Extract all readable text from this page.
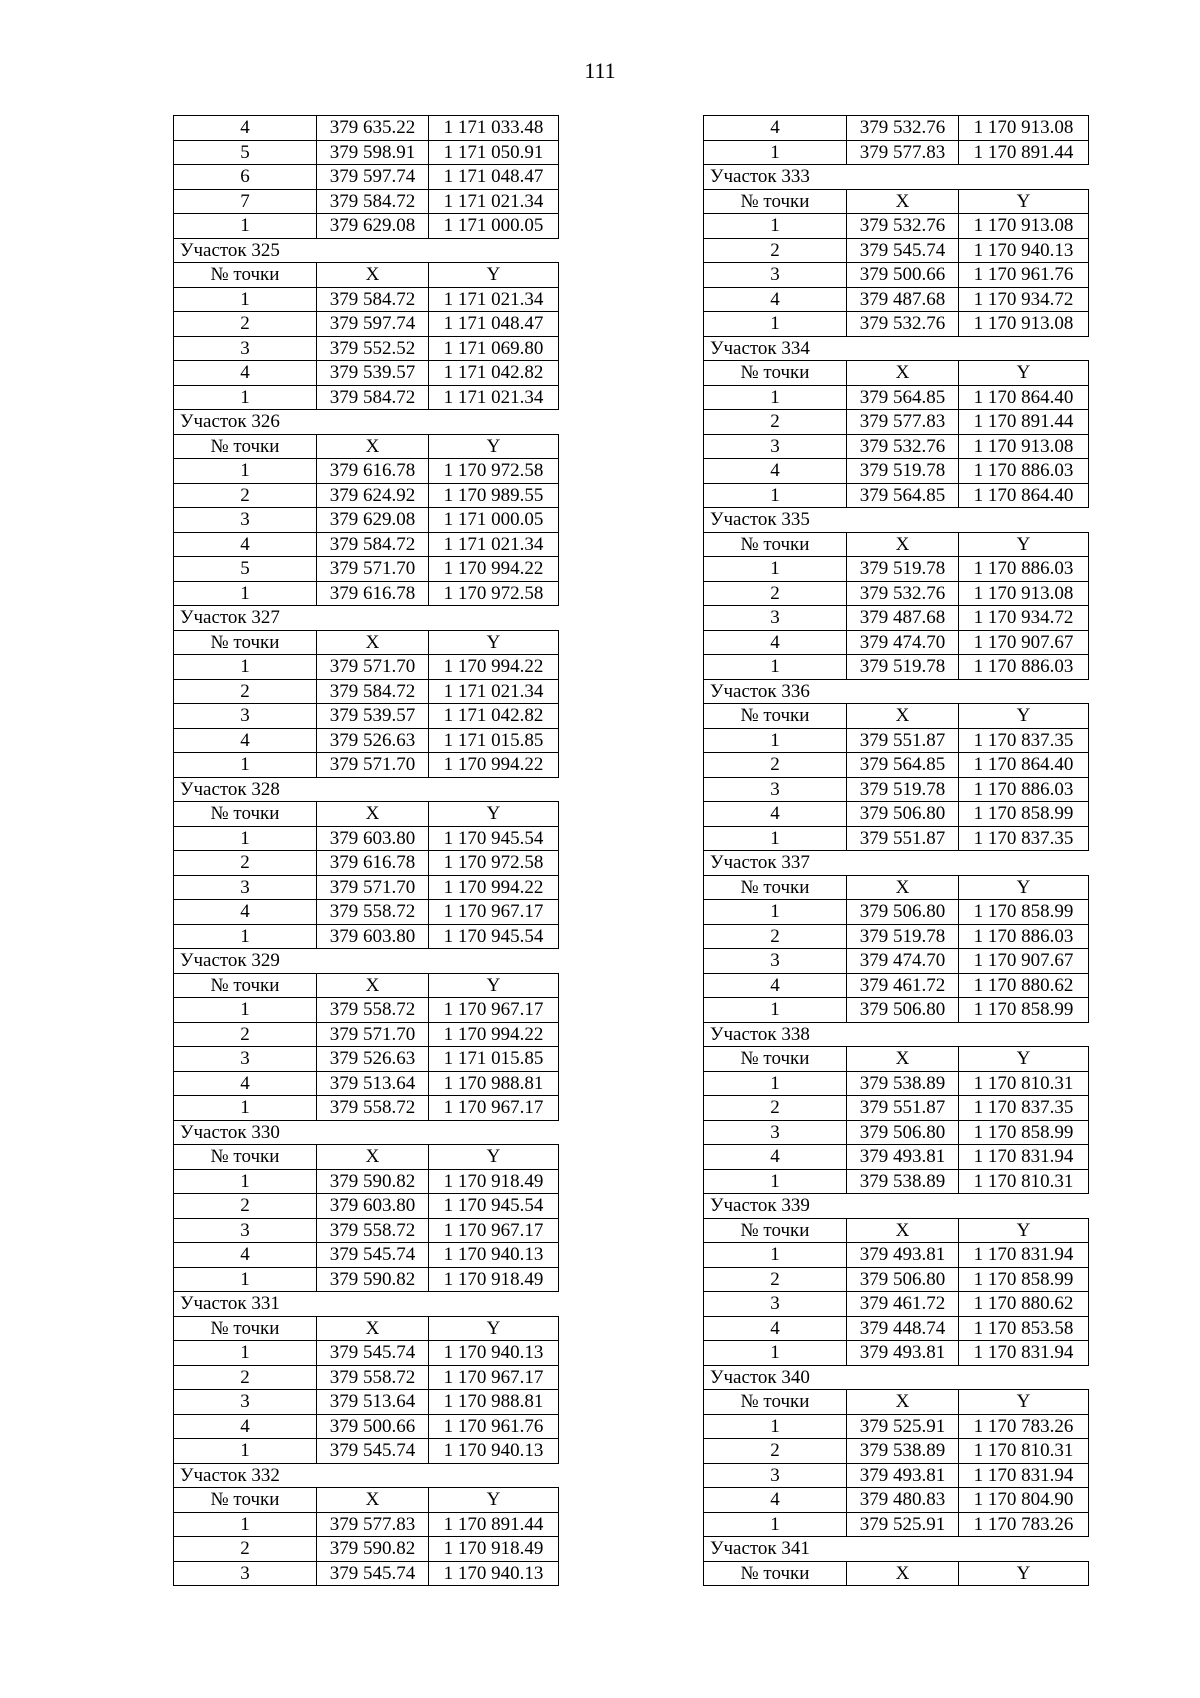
111
4	379 635.22	1 171 033.48
5	379 598.91	1 171 050.91
6	379 597.74	1 171 048.47
7	379 584.72	1 171 021.34
1	379 629.08	1 171 000.05
Участок 325		
№ точки	X	Y
1	379 584.72	1 171 021.34
2	379 597.74	1 171 048.47
3	379 552.52	1 171 069.80
4	379 539.57	1 171 042.82
1	379 584.72	1 171 021.34
Участок 326		
№ точки	X	Y
1	379 616.78	1 170 972.58
2	379 624.92	1 170 989.55
3	379 629.08	1 171 000.05
4	379 584.72	1 171 021.34
5	379 571.70	1 170 994.22
1	379 616.78	1 170 972.58
Участок 327		
№ точки	X	Y
1	379 571.70	1 170 994.22
2	379 584.72	1 171 021.34
3	379 539.57	1 171 042.82
4	379 526.63	1 171 015.85
1	379 571.70	1 170 994.22
Участок 328		
№ точки	X	Y
1	379 603.80	1 170 945.54
2	379 616.78	1 170 972.58
3	379 571.70	1 170 994.22
4	379 558.72	1 170 967.17
1	379 603.80	1 170 945.54
Участок 329		
№ точки	X	Y
1	379 558.72	1 170 967.17
2	379 571.70	1 170 994.22
3	379 526.63	1 171 015.85
4	379 513.64	1 170 988.81
1	379 558.72	1 170 967.17
Участок 330		
№ точки	X	Y
1	379 590.82	1 170 918.49
2	379 603.80	1 170 945.54
3	379 558.72	1 170 967.17
4	379 545.74	1 170 940.13
1	379 590.82	1 170 918.49
Участок 331		
№ точки	X	Y
1	379 545.74	1 170 940.13
2	379 558.72	1 170 967.17
3	379 513.64	1 170 988.81
4	379 500.66	1 170 961.76
1	379 545.74	1 170 940.13
Участок 332		
№ точки	X	Y
1	379 577.83	1 170 891.44
2	379 590.82	1 170 918.49
3	379 545.74	1 170 940.13
4	379 532.76	1 170 913.08
1	379 577.83	1 170 891.44
Участок 333		
№ точки	X	Y
1	379 532.76	1 170 913.08
2	379 545.74	1 170 940.13
3	379 500.66	1 170 961.76
4	379 487.68	1 170 934.72
1	379 532.76	1 170 913.08
Участок 334		
№ точки	X	Y
1	379 564.85	1 170 864.40
2	379 577.83	1 170 891.44
3	379 532.76	1 170 913.08
4	379 519.78	1 170 886.03
1	379 564.85	1 170 864.40
Участок 335		
№ точки	X	Y
1	379 519.78	1 170 886.03
2	379 532.76	1 170 913.08
3	379 487.68	1 170 934.72
4	379 474.70	1 170 907.67
1	379 519.78	1 170 886.03
Участок 336		
№ точки	X	Y
1	379 551.87	1 170 837.35
2	379 564.85	1 170 864.40
3	379 519.78	1 170 886.03
4	379 506.80	1 170 858.99
1	379 551.87	1 170 837.35
Участок 337		
№ точки	X	Y
1	379 506.80	1 170 858.99
2	379 519.78	1 170 886.03
3	379 474.70	1 170 907.67
4	379 461.72	1 170 880.62
1	379 506.80	1 170 858.99
Участок 338		
№ точки	X	Y
1	379 538.89	1 170 810.31
2	379 551.87	1 170 837.35
3	379 506.80	1 170 858.99
4	379 493.81	1 170 831.94
1	379 538.89	1 170 810.31
Участок 339		
№ точки	X	Y
1	379 493.81	1 170 831.94
2	379 506.80	1 170 858.99
3	379 461.72	1 170 880.62
4	379 448.74	1 170 853.58
1	379 493.81	1 170 831.94
Участок 340		
№ точки	X	Y
1	379 525.91	1 170 783.26
2	379 538.89	1 170 810.31
3	379 493.81	1 170 831.94
4	379 480.83	1 170 804.90
1	379 525.91	1 170 783.26
Участок 341		
№ точки	X	Y
